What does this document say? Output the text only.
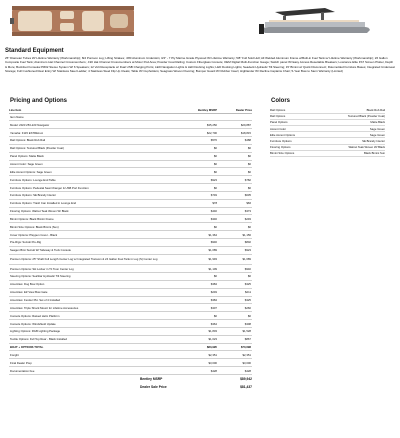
Standard Equipment
25" Diameter Tubes W/ Lifetime Warranty (Workmanship); 8rd Pontoon Lug; Lifting Strakes; .080 Aluminum Underskin; 3/4" - 7 Ply Marine Grade Plywood W/ Lifetime Warranty; 5/8" Full Sold Hull; All Welded Aluminum Frame w/Built-in Fuel Tank w/ Lifetime Warranty (Workmanship); 26 Gallon Composite Fuel Tank; Aluminum Hat Channel Crossmembers; .190 Hat Channel Crossmembers at Motor Pod Area; Powder Coat Railing; Custom Fiberglass Console; OEM Digital Multi-Function Gauge; Switch panel W/ Easy Access Resettable Breakers; Lowrance Elite FS7 Screen Plotter, Depth & More; Buckfoot Fonseka PM02 Stereo System W/ 6 Speakers; 12 Volt Receptacle w/ Dual USB Charging Ports; LED Navigation Lights & LED Docking Lights; LED Docking Lights; Seadeck Hydraulic Tilt Steering; 15' Bimini w/ Quick Disconnect; Rotomolded Furniture Bases; Integrated Underseat Storage; Full Cushioned Rear Entry W/ Stainless Steel Ladder; 4 Stainless Steel Flip Up Cleats; Table W/ Cupholders; Seagrass Woven Flooring; Bumper Guard W/ Rubber Insert; Highlander W/ Recline Captains Chair; 5-Year Bow to Stern Warranty (Limited)
Pricing and Options	Colors
Line Item	Bentley MSRP	Dealer Price
Item Name		
Model: 2023 253-223 Navigator	$35,250	$29,887
Yamaha: F115 ESTRELLA	$22,700	$18,815
Rail Options: Black Rub Rail	$576	$488
Rail Options: Textured Black (Powder Coat)	$0	$0
Panel Options: Matte Black	$0	$0
Accent Color: Sage Green	$0	$0
Elite Accent Options: Sage Green	$0	$0
Furniture Options: Lounge End Table	$923	$782
Furniture Options: Pedestal Seat Changer & USB Port Function	$0	$0
Furniture Options: SE Brandy Interior	$749	$635
Furniture Options: Trash Can Installed in Lounge End	$78	$66
Flooring Options: Walnut Teak Woven W/ Black	$440	$373
Bimini Options: Black Bimini Frame	$346	$293
Bimini Size Options: Black Bimini (Sun)	$0	$0
Cover Options: Playpen Cover - Black	$1,364	$1,156
Pre-Rigs: Suzuki Pre-Rig	$946	$802
Seagen Bimi Suzuki W/ Sideway & Tuck Console	$1,089	$923
Pontoon Options: 25" Shaft Full Length Center Log w/ Integrated Transom & 24 Gallon Fuel Tank in Log (S) Center Log	$1,993	$1,689
Pontoon Options: Ski Locker in Tri Toon Center Log	$1,109	$940
Steering Options: SeaStar Hydraulic Tilt Steering	$0	$0
Ameníties: Dog Bow Option	$384	$325
Ameníties: EZ View Bow Gate	$249	$211
Ameníties: Fender Pkt. Set of 4 Installed	$384	$325
Ameníties: Triple Shock Mount for Lifetime Accessories	$307	$260
Console Options: Raised Helm Platform	$0	$0
Console Options: Windshield Update	$364	$308
Lighting Options: RGB Lighting Package	$1,803	$1,528
Textile Options: Full Top Rear - Black Installed	$1,023	$867
BOAT + OPTIONS TOTAL	$83,995	$70,698
Freight	$2,351	$2,351
Final Dealer Prep	$3,000	$3,000
Documentation Fee	$428	$428
Bentley MSRP	$89,942
Dealer Sale Price	$81,437
Rail Options	Black Rub Rail
Rail Options	Textured Black (Powder Coat)
Panel Options	Matte Black
Accent Color	Sage Green
Elite Accent Options	Sage Green
Furniture Options	SE Brandy Interior
Flooring Options	Walnut Teak Woven W/ Black
Bimini Size Options	Black Bimini Sun
